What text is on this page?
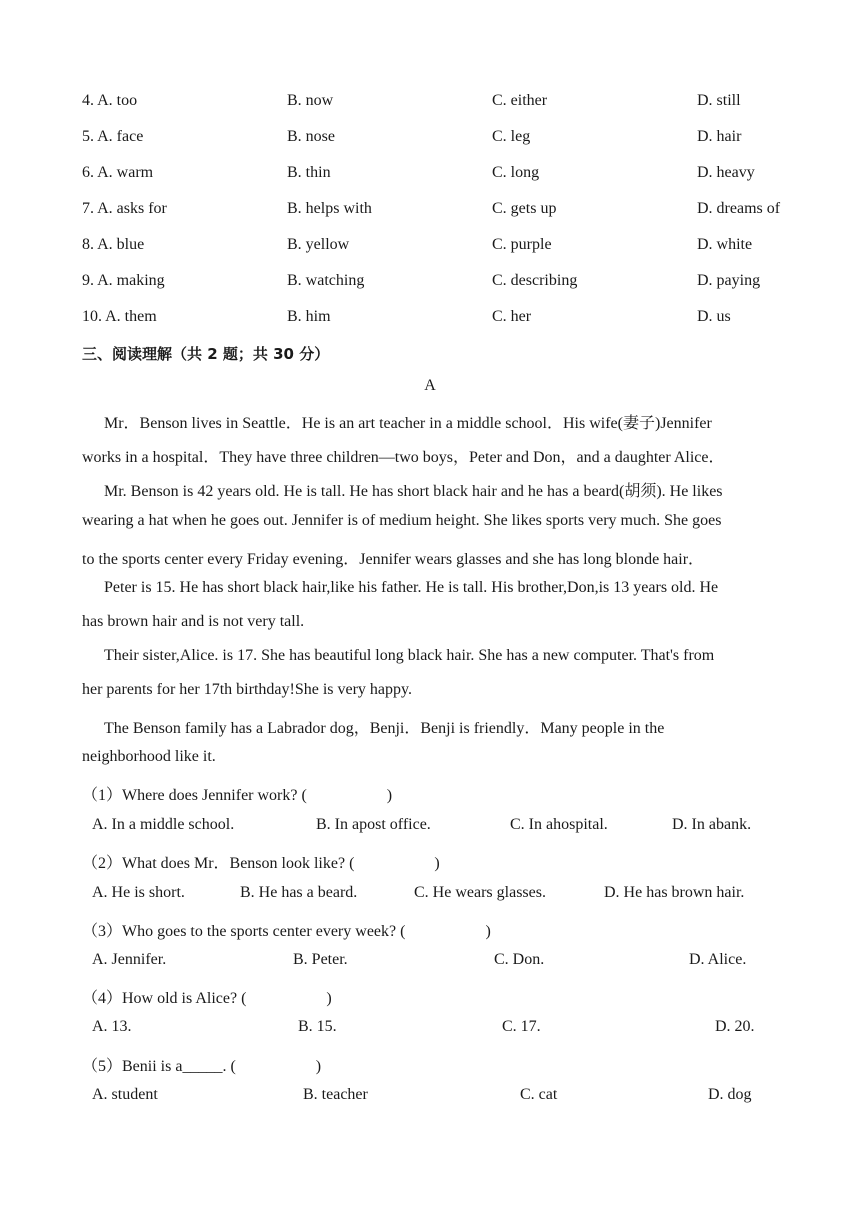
4. A. too	B. now	C. either	D. still
5. A. face	B. nose	C. leg	D. hair
6. A. warm	B. thin	C. long	D. heavy
7. A. asks for	B. helps with	C. gets up	D. dreams of
8. A. blue	B. yellow	C. purple	D. white
9. A. making	B. watching	C. describing	D. paying
10. A. them	B. him	C. her	D. us
三、阅读理解（共 2 题；共 30 分）
A
Mr．Benson lives in Seattle．He is an art teacher in a middle school．His wife(妻子)Jennifer
works in a hospital．They have three children—two boys，Peter and Don，and a daughter Alice．
Mr. Benson is 42 years old. He is tall. He has short black hair and he has a beard(胡须). He likes
wearing a hat when he goes out. Jennifer is of medium height. She likes sports very much. She goes
to the sports center every Friday evening．Jennifer wears glasses and she has long blonde hair．
Peter is 15. He has short black hair,like his father. He is tall. His brother,Don,is 13 years old. He
has brown hair and is not very tall.
Their sister,Alice. is 17. She has beautiful long black hair. She has a new computer. That's from
her parents for her 17th birthday!She is very happy.
The Benson family has a Labrador dog，Benji．Benji is friendly．Many people in the
neighborhood like it.
（1）Where does Jennifer work? (　　　　　)
A. In a middle school.	B. In apost office.	C. In ahospital.	D. In abank.
（2）What does Mr．Benson look like? (　　　　　)
A. He is short.	B. He has a beard.	C. He wears glasses.	D. He has brown hair.
（3）Who goes to the sports center every week? (　　　　　)
A. Jennifer.	B. Peter.	C. Don.	D. Alice.
（4）How old is Alice? (　　　　　)
A. 13.	B. 15.	C. 17.	D. 20.
（5）Benii is a_____. (　　　　　)
A. student	B. teacher	C. cat	D. dog
